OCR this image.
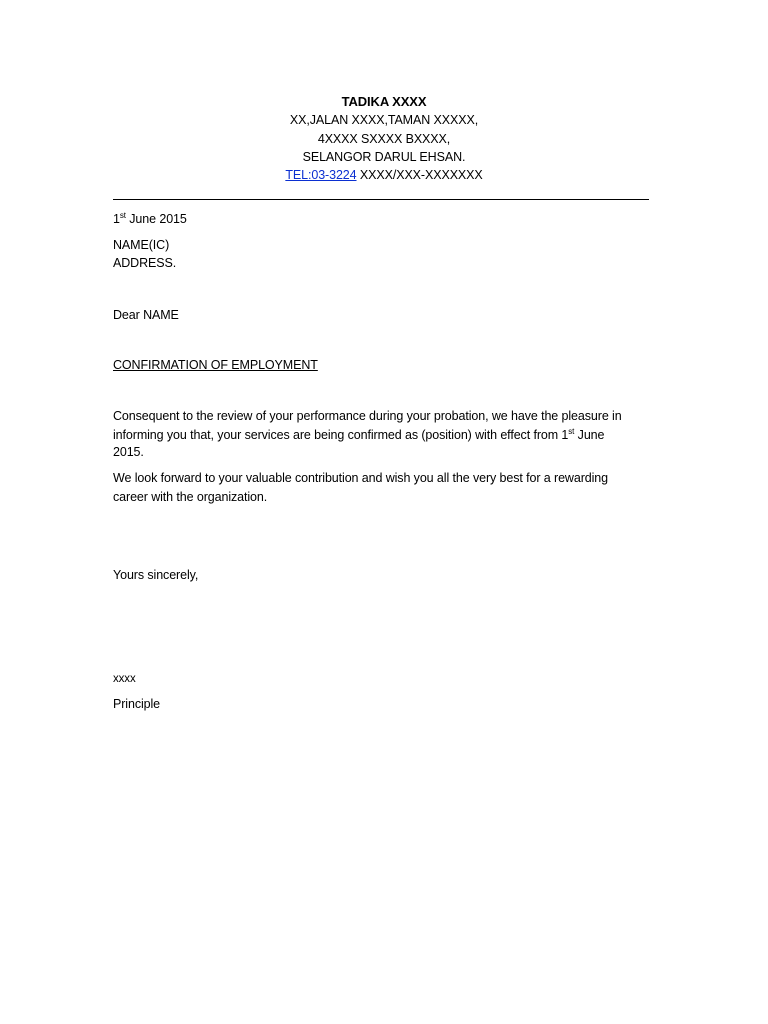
TADIKA XXXX
XX,JALAN XXXX,TAMAN XXXXX,
4XXXX SXXXX BXXXX,
SELANGOR DARUL EHSAN.
TEL:03-3224 XXXX/XXX-XXXXXXX
1st June 2015
NAME(IC)
ADDRESS.
Dear NAME
CONFIRMATION OF EMPLOYMENT
Consequent to the review of your performance during your probation, we have the pleasure in
informing you that, your services are being confirmed as (position) with effect from 1st June
2015.
We look forward to your valuable contribution and wish you all the very best for a rewarding
career with the organization.
Yours sincerely,
xxxx
Principle
